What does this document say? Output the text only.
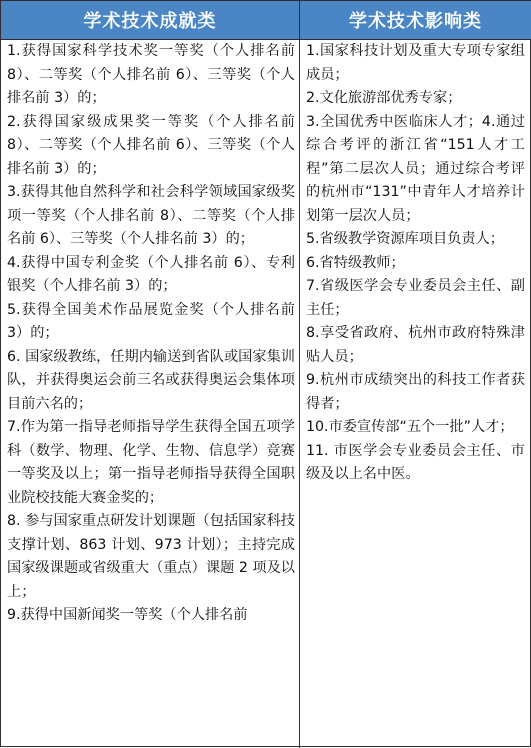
学术技术成就类	学术技术影响类

1.获得国家科学技术奖一等奖（个人排名前 8）、二等奖（个人排名前 6）、三等奖（个人排名前 3）的；

2.获得国家级成果奖一等奖（个人排名前 8）、二等奖（个人排名前 6）、三等奖（个人排名前 3）的；

3.获得其他自然科学和社会科学领域国家级奖项一等奖（个人排名前 8）、二等奖（个人排名前 6）、三等奖（个人排名前 3）的；

4.获得中国专利金奖（个人排名前 6）、专利银奖（个人排名前 3）的；

5.获得全国美术作品展览金奖（个人排名前 3）的；

6. 国家级教练，任期内输送到省队或国家集训队，并获得奥运会前三名或获得奥运会集体项目前六名的；

7.作为第一指导老师指导学生获得全国五项学科（数学、物理、化学、生物、信息学）竞赛一等奖及以上；第一指导老师指导获得全国职业院校技能大赛金奖的；

8. 参与国家重点研发计划课题（包括国家科技支撑计划、863 计划、973 计划）；主持完成国家级课题或省级重大（重点）课题 2 项及以上；

9.获得中国新闻奖一等奖（个人排名前

1.国家科技计划及重大专项专家组成员；

2.文化旅游部优秀专家；

3.全国优秀中医临床人才；4.通过综合考评的浙江省“151人才工程”第二层次人员；通过综合考评的杭州市“131”中青年人才培养计划第一层次人员；

5.省级教学资源库项目负责人；

6.省特级教师；

7.省级医学会专业委员会主任、副主任；

8.享受省政府、杭州市政府特殊津贴人员；

9.杭州市成绩突出的科技工作者获得者；

10.市委宣传部“五个一批”人才；

11. 市医学会专业委员会主任、市级及以上名中医。
